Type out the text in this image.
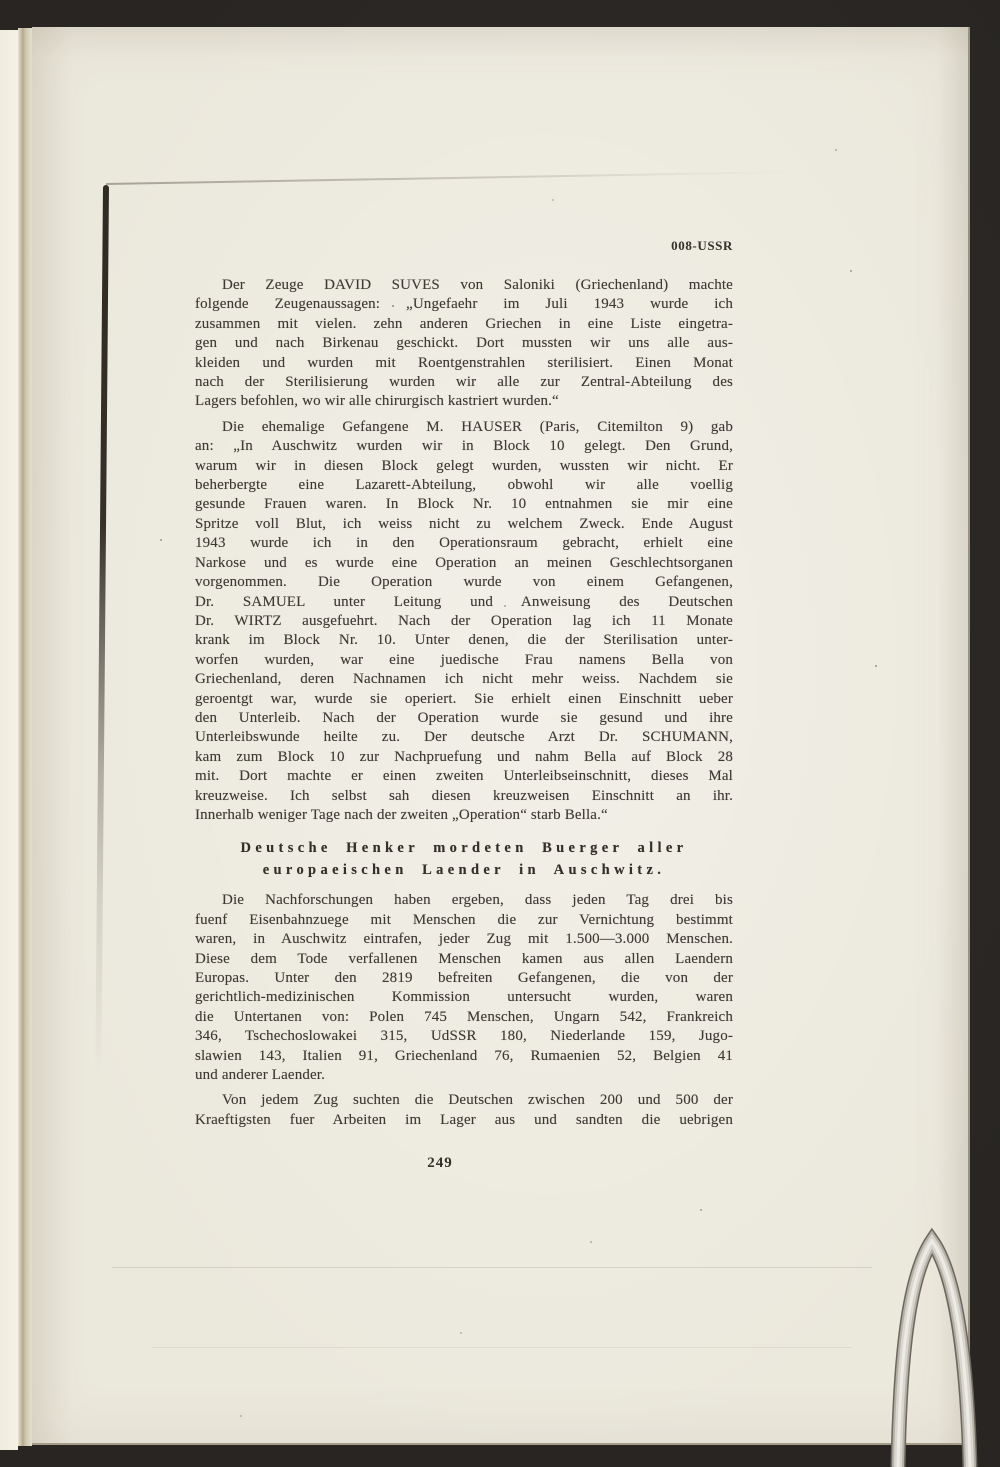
008-USSR
Der Zeuge DAVID SUVES von Saloniki (Griechenland) machte
folgende Zeugenaussagen: „Ungefaehr im Juli 1943 wurde ich
zusammen mit vielen. zehn anderen Griechen in eine Liste eingetra-
gen und nach Birkenau geschickt. Dort mussten wir uns alle aus-
kleiden und wurden mit Roentgenstrahlen sterilisiert. Einen Monat
nach der Sterilisierung wurden wir alle zur Zentral-Abteilung des
Lagers befohlen, wo wir alle chirurgisch kastriert wurden.“
Die ehemalige Gefangene M. HAUSER (Paris, Citemilton 9) gab
an: „In Auschwitz wurden wir in Block 10 gelegt. Den Grund,
warum wir in diesen Block gelegt wurden, wussten wir nicht. Er
beherbergte eine Lazarett-Abteilung, obwohl wir alle voellig
gesunde Frauen waren. In Block Nr. 10 entnahmen sie mir eine
Spritze voll Blut, ich weiss nicht zu welchem Zweck. Ende August
1943 wurde ich in den Operationsraum gebracht, erhielt eine
Narkose und es wurde eine Operation an meinen Geschlechtsorganen
vorgenommen. Die Operation wurde von einem Gefangenen,
Dr. SAMUEL unter Leitung und Anweisung des Deutschen
Dr. WIRTZ ausgefuehrt. Nach der Operation lag ich 11 Monate
krank im Block Nr. 10. Unter denen, die der Sterilisation unter-
worfen wurden, war eine juedische Frau namens Bella von
Griechenland, deren Nachnamen ich nicht mehr weiss. Nachdem sie
geroentgt war, wurde sie operiert. Sie erhielt einen Einschnitt ueber
den Unterleib. Nach der Operation wurde sie gesund und ihre
Unterleibswunde heilte zu. Der deutsche Arzt Dr. SCHUMANN,
kam zum Block 10 zur Nachpruefung und nahm Bella auf Block 28
mit. Dort machte er einen zweiten Unterleibseinschnitt, dieses Mal
kreuzweise. Ich selbst sah diesen kreuzweisen Einschnitt an ihr.
Innerhalb weniger Tage nach der zweiten „Operation“ starb Bella.“
Deutsche Henker mordeten Buerger aller
europaeischen Laender in Auschwitz.
Die Nachforschungen haben ergeben, dass jeden Tag drei bis
fuenf Eisenbahnzuege mit Menschen die zur Vernichtung bestimmt
waren, in Auschwitz eintrafen, jeder Zug mit 1.500—3.000 Menschen.
Diese dem Tode verfallenen Menschen kamen aus allen Laendern
Europas. Unter den 2819 befreiten Gefangenen, die von der
gerichtlich-medizinischen Kommission untersucht wurden, waren
die Untertanen von: Polen 745 Menschen, Ungarn 542, Frankreich
346, Tschechoslowakei 315, UdSSR 180, Niederlande 159, Jugo-
slawien 143, Italien 91, Griechenland 76, Rumaenien 52, Belgien 41
und anderer Laender.
Von jedem Zug suchten die Deutschen zwischen 200 und 500 der
Kraeftigsten fuer Arbeiten im Lager aus und sandten die uebrigen
249
